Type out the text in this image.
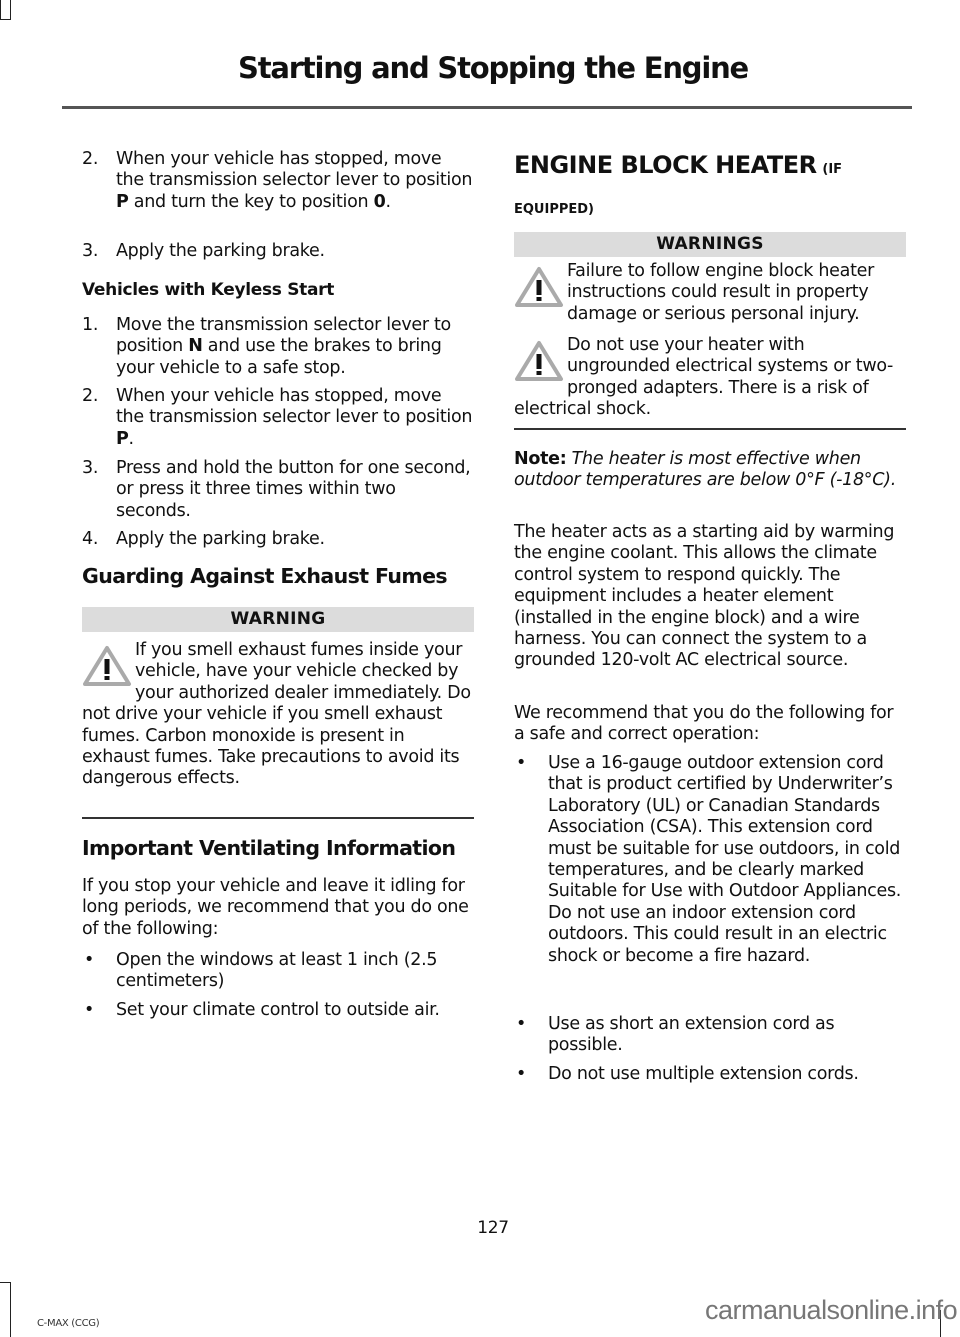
Starting and Stopping the Engine
2. When your vehicle has stopped, move the transmission selector lever to position P and turn the key to position 0.
3. Apply the parking brake.
Vehicles with Keyless Start
1. Move the transmission selector lever to position N and use the brakes to bring your vehicle to a safe stop.
2. When your vehicle has stopped, move the transmission selector lever to position P.
3. Press and hold the button for one second, or press it three times within two seconds.
4. Apply the parking brake.
Guarding Against Exhaust Fumes
WARNING
If you smell exhaust fumes inside your vehicle, have your vehicle checked by your authorized dealer immediately. Do not drive your vehicle if you smell exhaust fumes. Carbon monoxide is present in exhaust fumes. Take precautions to avoid its dangerous effects.
Important Ventilating Information
If you stop your vehicle and leave it idling for long periods, we recommend that you do one of the following:
• Open the windows at least 1 inch (2.5 centimeters)
• Set your climate control to outside air.
ENGINE BLOCK HEATER (IF EQUIPPED)
WARNINGS
Failure to follow engine block heater instructions could result in property damage or serious personal injury.
Do not use your heater with ungrounded electrical systems or two-pronged adapters. There is a risk of electrical shock.
Note: The heater is most effective when outdoor temperatures are below 0°F (-18°C).
The heater acts as a starting aid by warming the engine coolant. This allows the climate control system to respond quickly. The equipment includes a heater element (installed in the engine block) and a wire harness. You can connect the system to a grounded 120-volt AC electrical source.
We recommend that you do the following for a safe and correct operation:
• Use a 16-gauge outdoor extension cord that is product certified by Underwriter’s Laboratory (UL) or Canadian Standards Association (CSA). This extension cord must be suitable for use outdoors, in cold temperatures, and be clearly marked Suitable for Use with Outdoor Appliances. Do not use an indoor extension cord outdoors. This could result in an electric shock or become a fire hazard.
• Use as short an extension cord as possible.
• Do not use multiple extension cords.
127
C-MAX (CCG)	carmanualsonline.info
